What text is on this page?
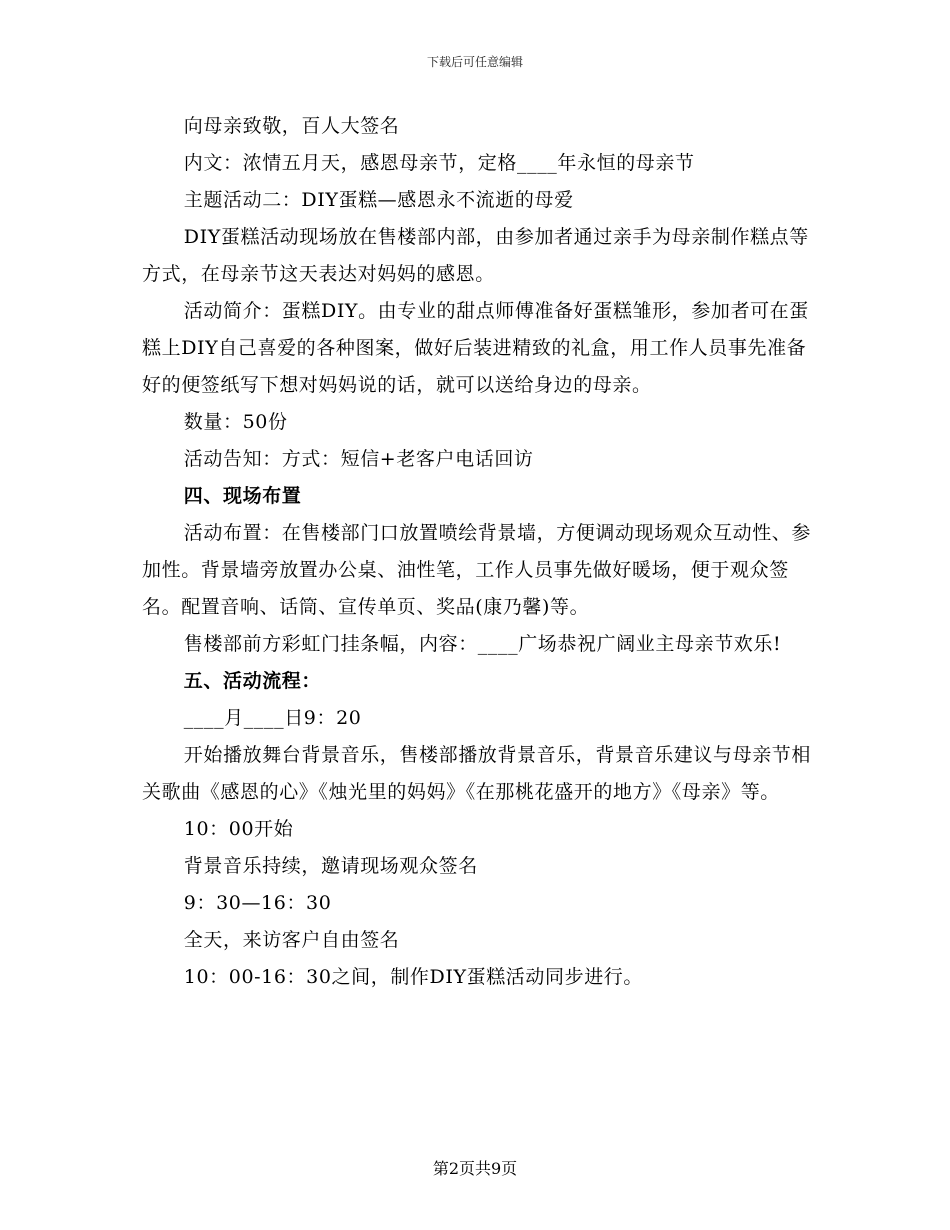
下载后可任意编辑

向母亲致敬，百人大签名

内文：浓情五月天，感恩母亲节，定格____年永恒的母亲节

主题活动二：DIY蛋糕—感恩永不流逝的母爱

DIY蛋糕活动现场放在售楼部内部，由参加者通过亲手为母亲制作糕点等方式，在母亲节这天表达对妈妈的感恩。

活动简介：蛋糕DIY。由专业的甜点师傅准备好蛋糕雏形，参加者可在蛋糕上DIY自己喜爱的各种图案，做好后装进精致的礼盒，用工作人员事先准备好的便签纸写下想对妈妈说的话，就可以送给身边的母亲。

数量：50份

活动告知：方式：短信+老客户电话回访

四、现场布置

活动布置：在售楼部门口放置喷绘背景墙，方便调动现场观众互动性、参加性。背景墙旁放置办公桌、油性笔，工作人员事先做好暖场，便于观众签名。配置音响、话筒、宣传单页、奖品(康乃馨)等。

售楼部前方彩虹门挂条幅，内容：____广场恭祝广阔业主母亲节欢乐!

五、活动流程：

____月____日9：20

开始播放舞台背景音乐，售楼部播放背景音乐，背景音乐建议与母亲节相关歌曲《感恩的心》《烛光里的妈妈》《在那桃花盛开的地方》《母亲》等。

10：00开始

背景音乐持续，邀请现场观众签名

9：30—16：30

全天，来访客户自由签名

10：00-16：30之间，制作DIY蛋糕活动同步进行。

第2页共9页
